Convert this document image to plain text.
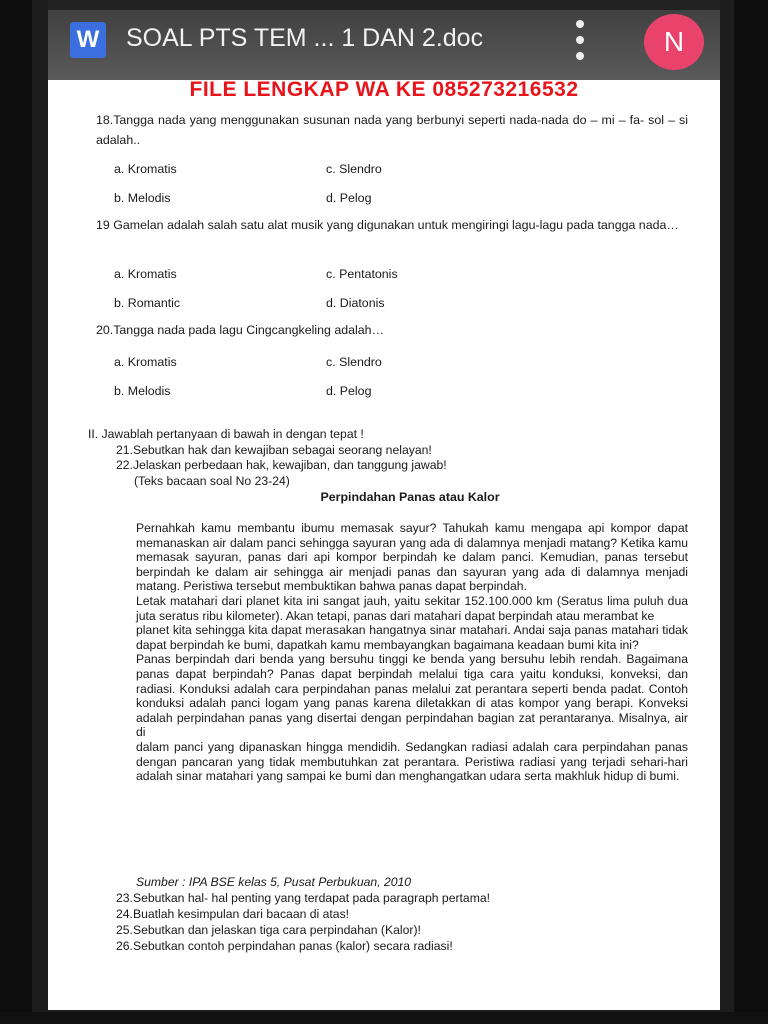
W SOAL PTS TEM ... 1 DAN 2.doc	N
FILE LENGKAP WA KE 085273216532
18.Tangga nada yang menggunakan susunan nada yang berbunyi seperti nada-nada do – mi – fa- sol – si adalah..
a. Kromatis	c. Slendro
b. Melodis	d. Pelog
19 Gamelan adalah salah satu alat musik yang digunakan untuk mengiringi lagu-lagu pada tangga nada…
a. Kromatis	c. Pentatonis
b. Romantic	d. Diatonis
20.Tangga nada pada lagu Cingcangkeling adalah…
a. Kromatis	c. Slendro
b. Melodis	d. Pelog
II. Jawablah pertanyaan di bawah in dengan tepat !
21.Sebutkan hak dan kewajiban sebagai seorang nelayan!
22.Jelaskan perbedaan hak, kewajiban, dan tanggung jawab!
(Teks bacaan soal No 23-24)
Perpindahan Panas atau Kalor

Pernahkah kamu membantu ibumu memasak sayur? Tahukah kamu mengapa api kompor dapat memanaskan air dalam panci sehingga sayuran yang ada di dalamnya menjadi matang? Ketika kamu memasak sayuran, panas dari api kompor berpindah ke dalam panci. Kemudian, panas tersebut berpindah ke dalam air sehingga air menjadi panas dan sayuran yang ada di dalamnya menjadi matang. Peristiwa tersebut membuktikan bahwa panas dapat berpindah.

Letak matahari dari planet kita ini sangat jauh, yaitu sekitar 152.100.000 km (Seratus lima puluh dua juta seratus ribu kilometer). Akan tetapi, panas dari matahari dapat berpindah atau merambat ke

planet kita sehingga kita dapat merasakan hangatnya sinar matahari. Andai saja panas matahari tidak dapat berpindah ke bumi, dapatkah kamu membayangkan bagaimana keadaan bumi kita ini?

Panas berpindah dari benda yang bersuhu tinggi ke benda yang bersuhu lebih rendah. Bagaimana panas dapat berpindah? Panas dapat berpindah melalui tiga cara yaitu konduksi, konveksi, dan radiasi. Konduksi adalah cara perpindahan panas melalui zat perantara seperti benda padat. Contoh konduksi adalah panci logam yang panas karena diletakkan di atas kompor yang berapi. Konveksi adalah perpindahan panas yang disertai dengan perpindahan bagian zat perantaranya. Misalnya, air di

dalam panci yang dipanaskan hingga mendidih. Sedangkan radiasi adalah cara perpindahan panas dengan pancaran yang tidak membutuhkan zat perantara. Peristiwa radiasi yang terjadi sehari-hari adalah sinar matahari yang sampai ke bumi dan menghangatkan udara serta makhluk hidup di bumi.

Sumber : IPA BSE kelas 5, Pusat Perbukuan, 2010
23.Sebutkan hal- hal penting yang terdapat pada paragraph pertama!
24.Buatlah kesimpulan dari bacaan di atas!
25.Sebutkan dan jelaskan tiga cara perpindahan (Kalor)!
26.Sebutkan contoh perpindahan panas (kalor) secara radiasi!
